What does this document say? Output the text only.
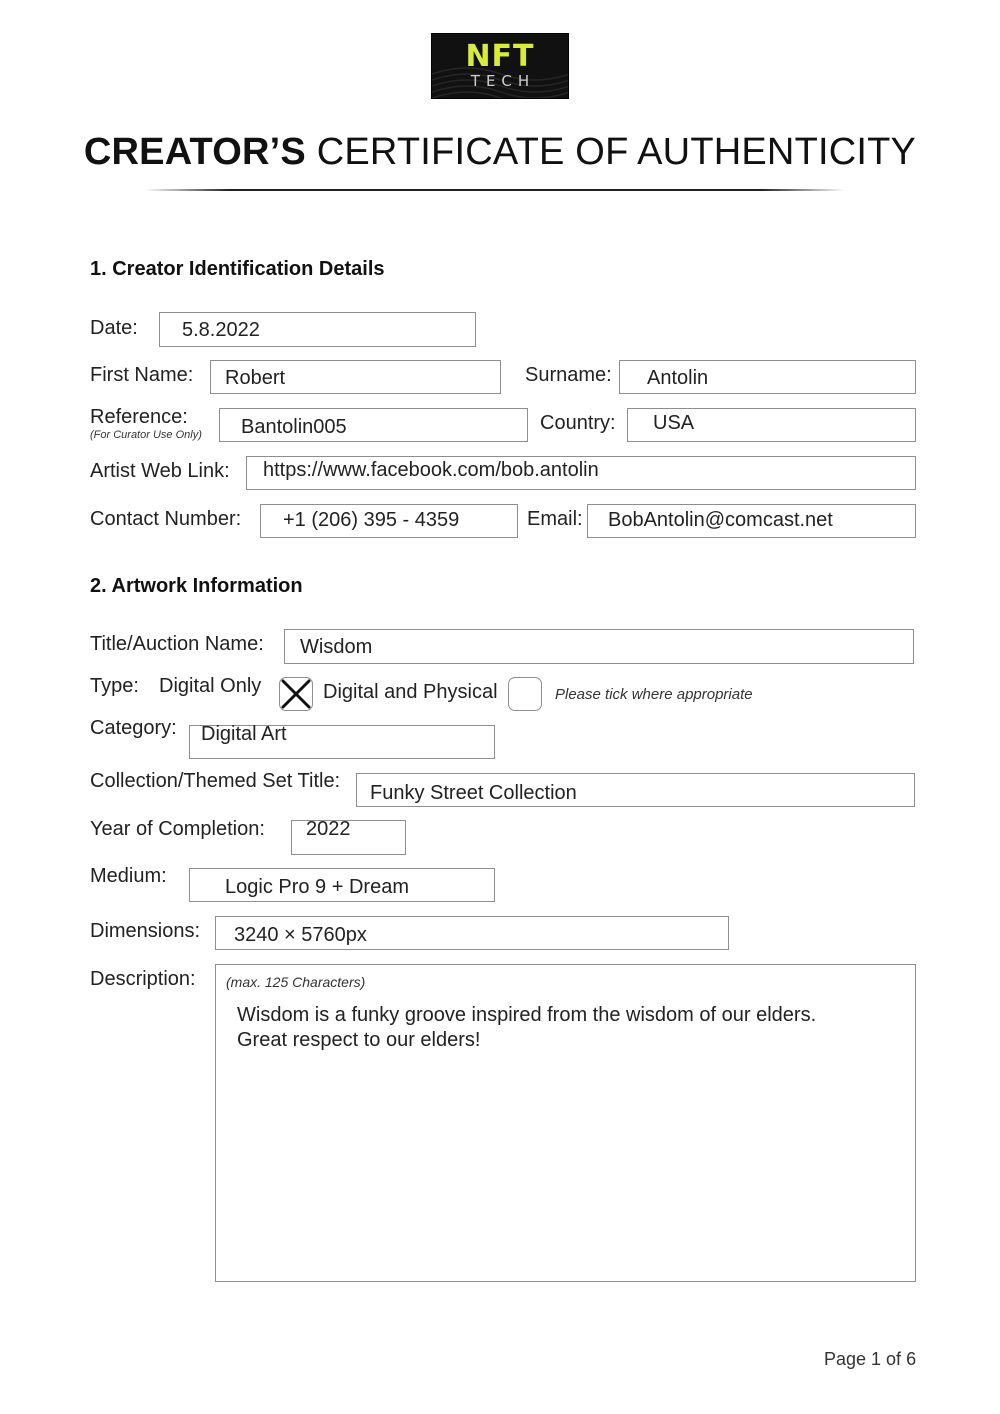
NFT
TECH
CREATOR’S CERTIFICATE OF AUTHENTICITY
1. Creator Identification Details
Date: 5.8.2022
First Name: Robert	Surname: Antolin
Reference:
(For Curator Use Only) Bantolin005	Country: USA
Artist Web Link: https://www.facebook.com/bob.antolin
Contact Number: +1 (206) 395 - 4359	Email: BobAntolin@comcast.net
2. Artwork Information
Title/Auction Name: Wisdom
Type: Digital Only	Digital and Physical	Please tick where appropriate
Category: Digital Art
Collection/Themed Set Title:
Funky Street Collection
Year of Completion: 2022
Medium:	Logic Pro 9 + Dream
Dimensions: 3240 × 5760px
Description: (max. 125 Characters)
Wisdom is a funky groove inspired from the wisdom of our elders.
Great respect to our elders!
Page 1 of 6
